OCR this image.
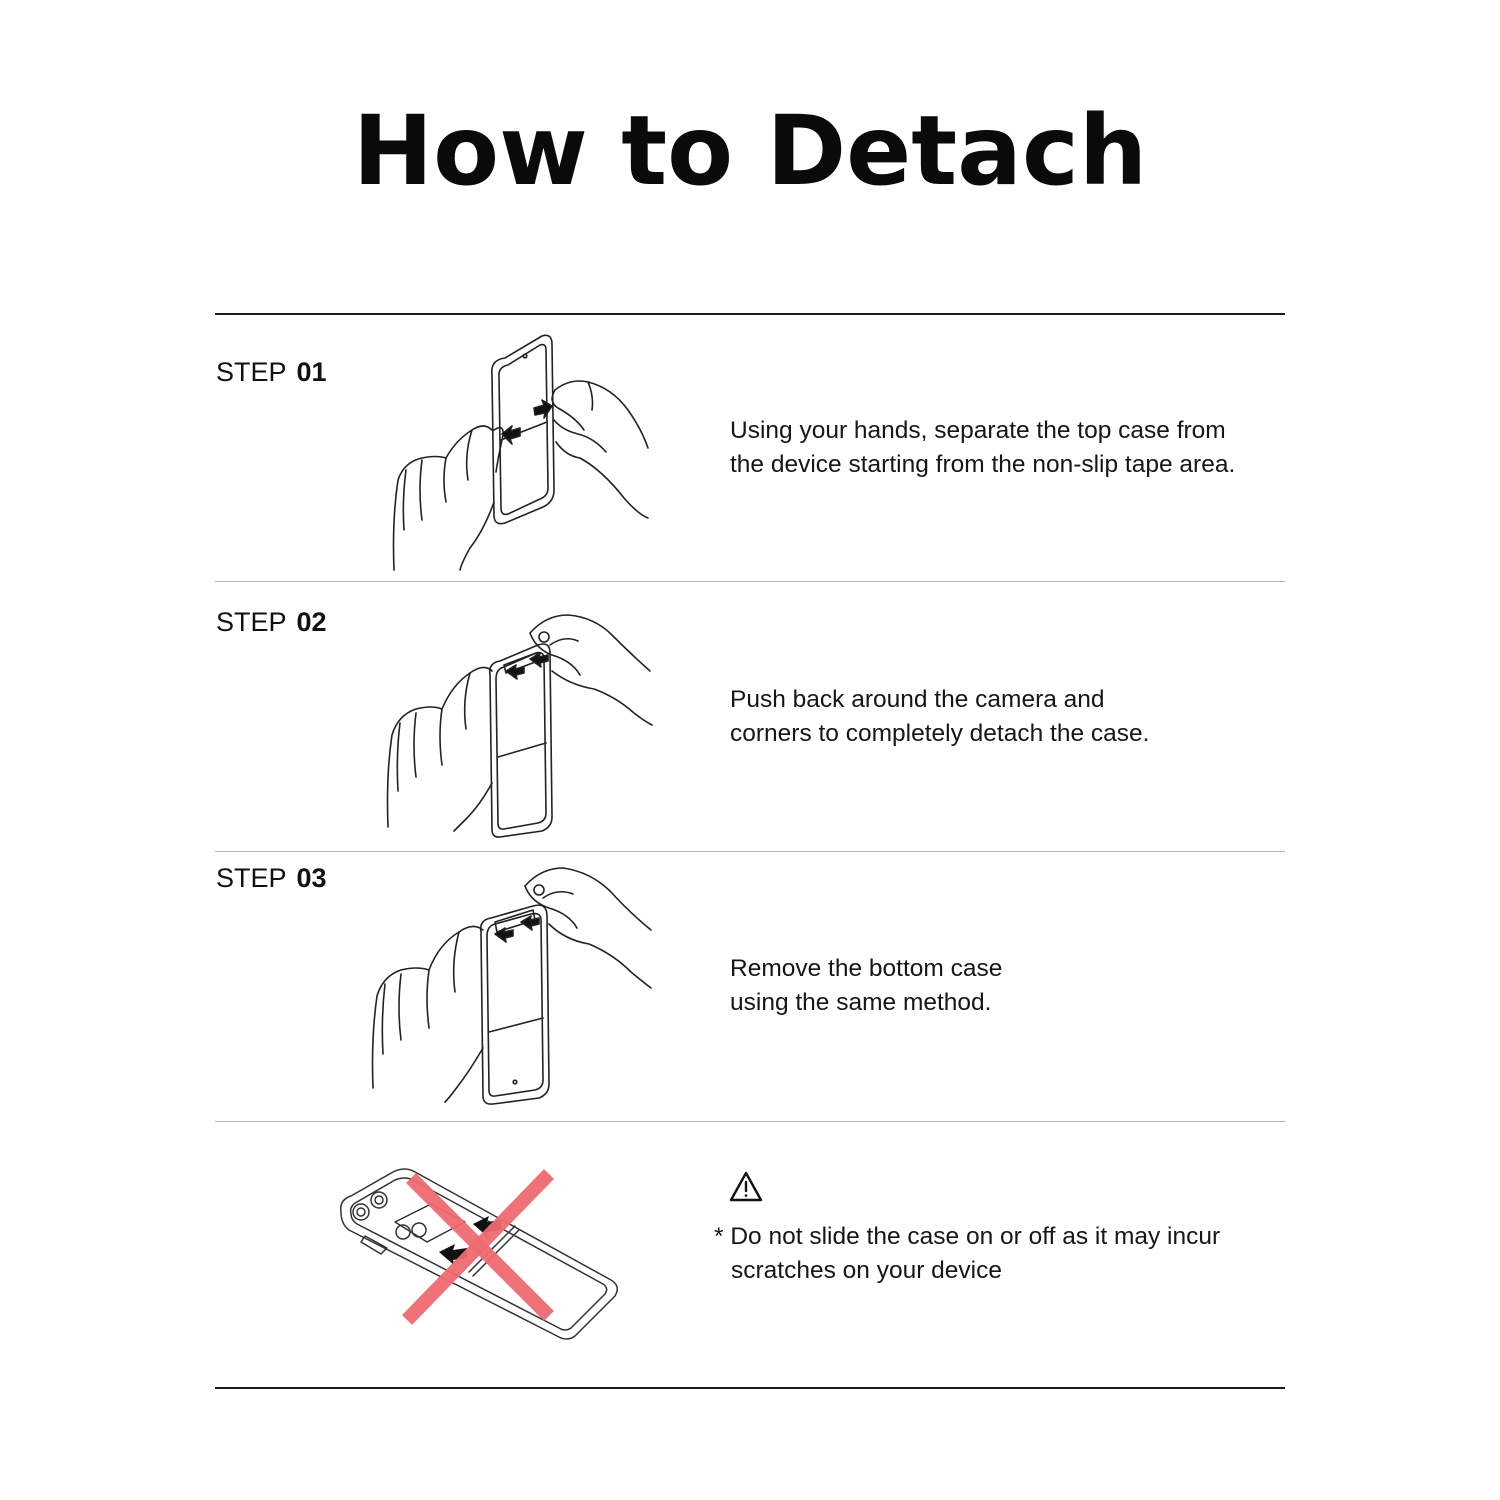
How to Detach
STEP 01

Using your hands, separate the top case from

the device starting from the non-slip tape area.

STEP 02

Push back around the camera and

corners to completely detach the case.

STEP 03

Remove the bottom case

using the same method.

* Do not slide the case on or off as it may incur

scratches on your device
